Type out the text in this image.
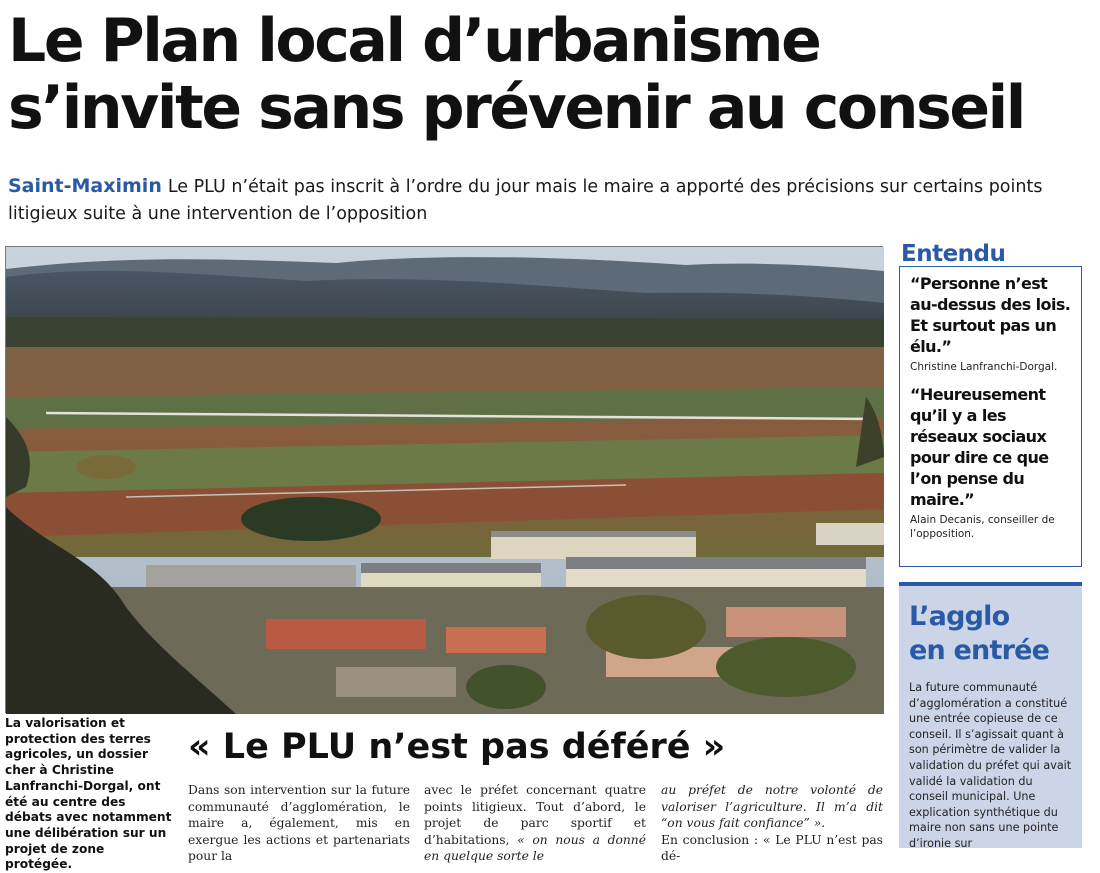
Le Plan local d’urbanisme
s’invite sans prévenir au conseil

Saint-Maximin Le PLU n’était pas inscrit à l’ordre du jour mais le maire a apporté des précisions sur certains points litigieux suite à une intervention de l’opposition

Entendu

“Personne n’est au-dessus des lois. Et surtout pas un élu.”

Christine Lanfranchi-Dorgal.

“Heureusement qu’il y a les réseaux sociaux pour dire ce que l’on pense du maire.”

Alain Decanis, conseiller de l’opposition.

L’agglo
en entrée

La future communauté d’agglomération a constitué une entrée copieuse de ce conseil. Il s’agissait quant à son périmètre de valider la validation du préfet qui avait validé la validation du conseil municipal. Une explication synthétique du maire non sans une pointe d’ironie sur

La valorisation et protection des terres agricoles, un dossier cher à Christine Lanfranchi-Dorgal, ont été au centre des débats avec notamment une délibération sur un projet de zone protégée.

« Le PLU n’est pas déféré »

Dans son intervention sur la future communauté d’agglomération, le maire a, également, mis en exergue les actions et partenariats pour la

avec le préfet concernant quatre points litigieux. Tout d’abord, le projet de parc sportif et d’habitations, « on nous a donné en quelque sorte le

au préfet de notre volonté de valoriser l’agriculture. Il m’a dit “on vous fait confiance” ».
En conclusion : « Le PLU n’est pas dé-
